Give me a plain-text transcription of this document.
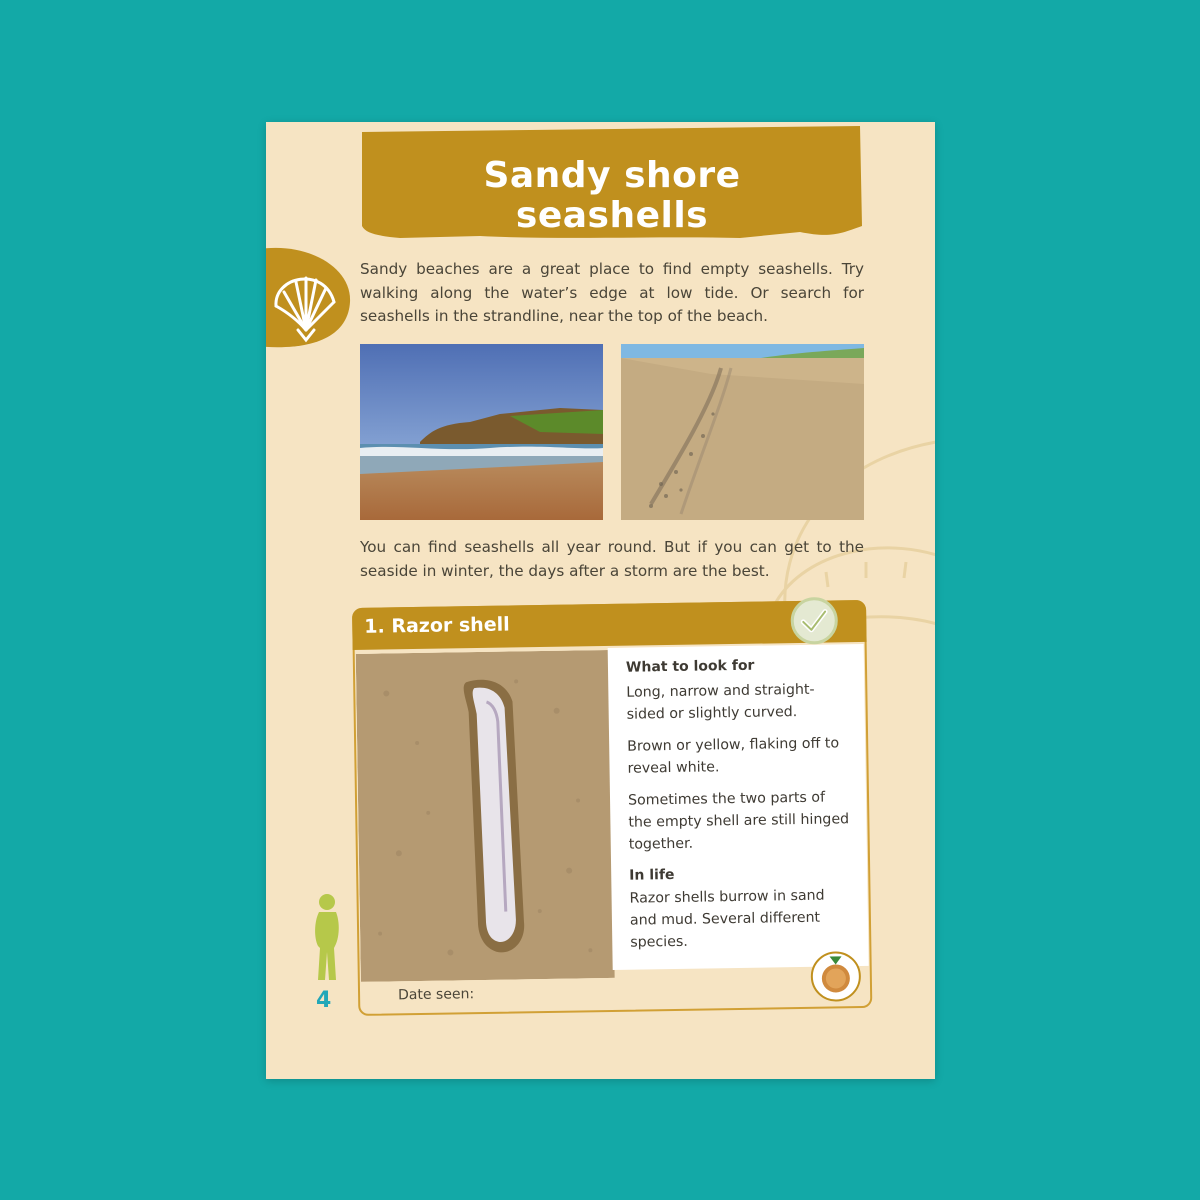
Sandy shore
seashells

Sandy beaches are a great place to find empty seashells. Try walking along the water’s edge at low tide. Or search for seashells in the strandline, near the top of the beach.

You can find seashells all year round. But if you can get to the seaside in winter, the days after a storm are the best.

1. Razor shell
What to look for

Long, narrow and straight- sided or slightly curved.

Brown or yellow, flaking off to reveal white.

Sometimes the two parts of the empty shell are still hinged together.

In life

Razor shells burrow in sand and mud. Several different species.

Date seen:
4
